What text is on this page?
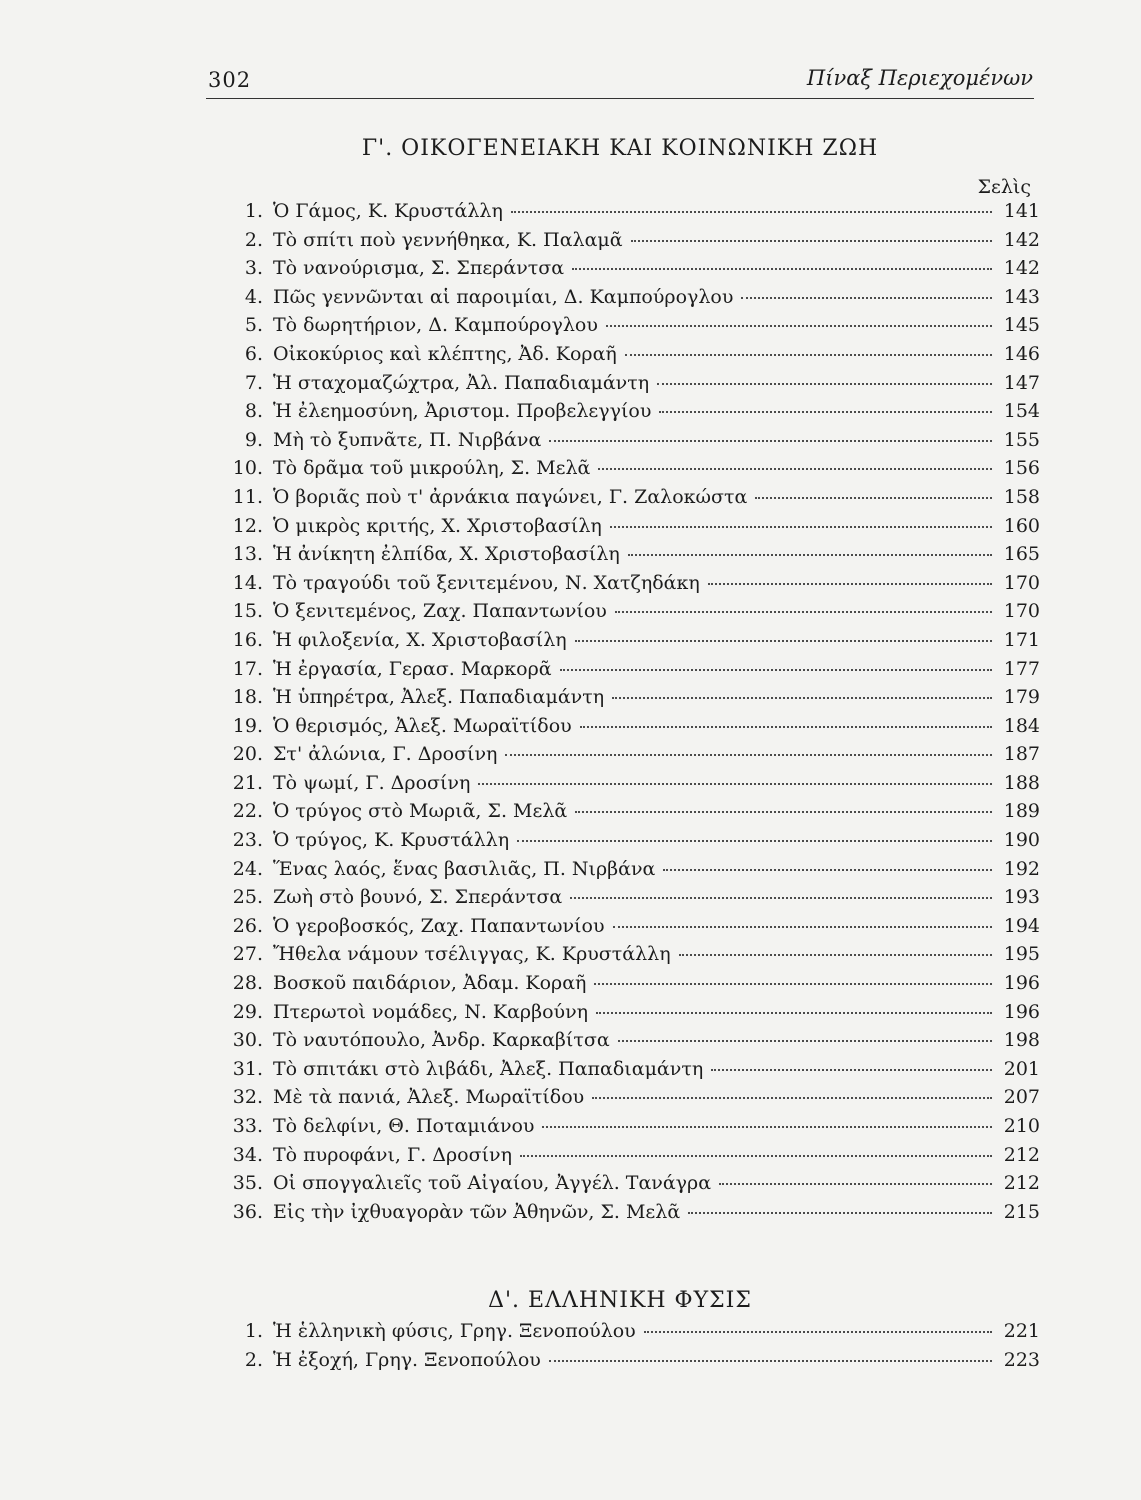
302	Πίναξ Περιεχομένων
Γ'. ΟΙΚΟΓΕΝΕΙΑΚΗ ΚΑΙ ΚΟΙΝΩΝΙΚΗ ΖΩΗ
Σελὶς
1. Ὁ Γάμος, Κ. Κρυστάλλη	141
2. Τὸ σπίτι ποὺ γεννήθηκα, Κ. Παλαμᾶ	142
3. Τὸ νανούρισμα, Σ. Σπεράντσα	142
4. Πῶς γεννῶνται αἱ παροιμίαι, Δ. Καμπούρογλου	143
5. Τὸ δωρητήριον, Δ. Καμπούρογλου	145
6. Οἰκοκύριος καὶ κλέπτης, Ἀδ. Κοραῆ	146
7. Ἡ σταχομαζώχτρα, Ἀλ. Παπαδιαμάντη	147
8. Ἡ ἐλεημοσύνη, Ἀριστομ. Προβελεγγίου	154
9. Μὴ τὸ ξυπνᾶτε, Π. Νιρβάνα	155
10. Τὸ δρᾶμα τοῦ μικρούλη, Σ. Μελᾶ	156
11. Ὁ βοριᾶς ποὺ τ' ἀρνάκια παγώνει, Γ. Ζαλοκώστα	158
12. Ὁ μικρὸς κριτής, Χ. Χριστοβασίλη	160
13. Ἡ ἀνίκητη ἐλπίδα, Χ. Χριστοβασίλη	165
14. Τὸ τραγούδι τοῦ ξενιτεμένου, Ν. Χατζηδάκη	170
15. Ὁ ξενιτεμένος, Ζαχ. Παπαντωνίου	170
16. Ἡ φιλοξενία, Χ. Χριστοβασίλη	171
17. Ἡ ἐργασία, Γερασ. Μαρκορᾶ	177
18. Ἡ ὑπηρέτρα, Ἀλεξ. Παπαδιαμάντη	179
19. Ὁ θερισμός, Ἀλεξ. Μωραϊτίδου	184
20. Στ' ἀλώνια, Γ. Δροσίνη	187
21. Τὸ ψωμί, Γ. Δροσίνη	188
22. Ὁ τρύγος στὸ Μωριᾶ, Σ. Μελᾶ	189
23. Ὁ τρύγος, Κ. Κρυστάλλη	190
24. Ἕνας λαός, ἕνας βασιλιᾶς, Π. Νιρβάνα	192
25. Ζωὴ στὸ βουνό, Σ. Σπεράντσα	193
26. Ὁ γεροβοσκός, Ζαχ. Παπαντωνίου	194
27. Ἤθελα νάμουν τσέλιγγας, Κ. Κρυστάλλη	195
28. Βοσκοῦ παιδάριον, Ἀδαμ. Κοραῆ	196
29. Πτερωτοὶ νομάδες, Ν. Καρβούνη	196
30. Τὸ ναυτόπουλο, Ἀνδρ. Καρκαβίτσα	198
31. Τὸ σπιτάκι στὸ λιβάδι, Ἀλεξ. Παπαδιαμάντη	201
32. Μὲ τὰ πανιά, Ἀλεξ. Μωραϊτίδου	207
33. Τὸ δελφίνι, Θ. Ποταμιάνου	210
34. Τὸ πυροφάνι, Γ. Δροσίνη	212
35. Οἱ σπογγαλιεῖς τοῦ Αἰγαίου, Ἀγγέλ. Τανάγρα	212
36. Εἰς τὴν ἰχθυαγορὰν τῶν Ἀθηνῶν, Σ. Μελᾶ	215
Δ'. ΕΛΛΗΝΙΚΗ ΦΥΣΙΣ
1. Ἡ ἑλληνικὴ φύσις, Γρηγ. Ξενοπούλου	221
2. Ἡ ἐξοχή, Γρηγ. Ξενοπούλου	223
